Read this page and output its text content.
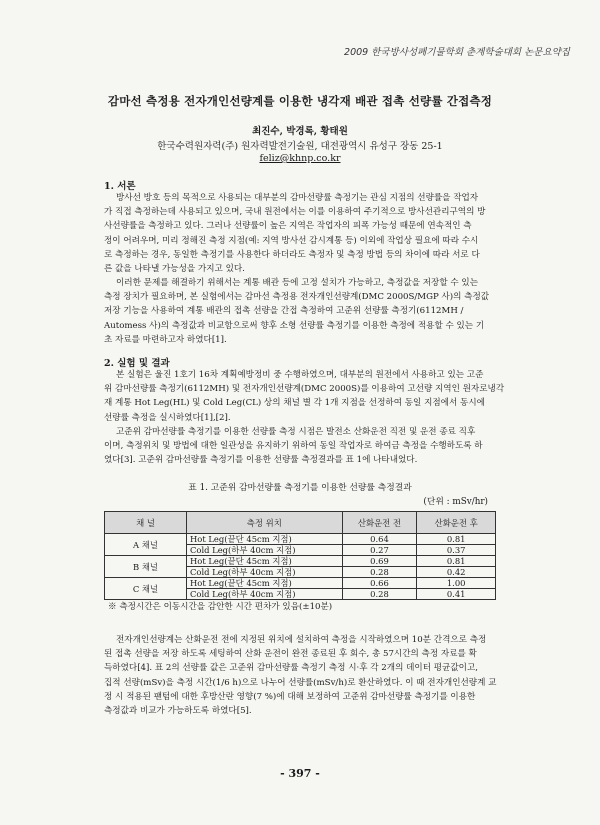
2009 한국방사성폐기물학회 춘계학술대회 논문요약집
감마선 측정용 전자개인선량계를 이용한 냉각재 배관 접촉 선량률 간접측정
최진수, 박경록, 황태원
한국수력원자력(주) 원자력발전기술원, 대전광역시 유성구 장동 25-1
feliz@khnp.co.kr
1. 서론

방사선 방호 등의 목적으로 사용되는 대부분의 감마선량률 측정기는 관심 지점의 선량률을 작업자
가 직접 측정하는데 사용되고 있으며, 국내 원전에서는 이를 이용하여 주기적으로 방사선관리구역의 방
사선량률을 측정하고 있다. 그러나 선량률이 높은 지역은 작업자의 피폭 가능성 때문에 연속적인 측
정이 어려우며, 미리 정해진 측정 지점(예: 지역 방사선 감시계통 등) 이외에 작업상 필요에 따라 수시
로 측정하는 경우, 동일한 측정기를 사용한다 하더라도 측정자 및 측정 방법 등의 차이에 따라 서로 다
른 값을 나타낼 가능성을 가지고 있다.

이러한 문제를 해결하기 위해서는 계통 배관 등에 고정 설치가 가능하고, 측정값을 저장할 수 있는
측정 장치가 필요하며, 본 실험에서는 감마선 측정용 전자개인선량계(DMC 2000S/MGP 사)의 측정값
저장 기능을 사용하여 계통 배관의 접촉 선량을 간접 측정하여 고준위 선량률 측정기(6112MH /
Automess 사)의 측정값과 비교함으로써 향후 소형 선량률 측정기를 이용한 측정에 적용할 수 있는 기
초 자료를 마련하고자 하였다[1].

2. 실험 및 결과

본 실험은 울진 1호기 16차 계획예방정비 중 수행하였으며, 대부분의 원전에서 사용하고 있는 고준
위 감마선량률 측정기(6112MH) 및 전자개인선량계(DMC 2000S)를 이용하여 고선량 지역인 원자로냉각
재 계통 Hot Leg(HL) 및 Cold Leg(CL) 상의 채널 별 각 1개 지점을 선정하여 동일 지점에서 동시에
선량률 측정을 실시하였다[1],[2].

고준위 감마선량률 측정기를 이용한 선량률 측정 시점은 발전소 산화운전 직전 및 운전 종료 직후
이며, 측정위치 및 방법에 대한 일관성을 유지하기 위하여 동일 작업자로 하여금 측정을 수행하도록 하
였다[3]. 고준위 감마선량률 측정기를 이용한 선량률 측정결과를 표 1에 나타내었다.

표 1. 고준위 감마선량률 측정기를 이용한 선량률 측정결과
(단위 : mSv/hr)
채 널	측정 위치	산화운전 전	산화운전 후
A 채널	Hot Leg(끝단 45cm 지점)	0.64	0.81
	Cold Leg(하부 40cm 지점)	0.27	0.37
B 채널	Hot Leg(끝단 45cm 지점)	0.69	0.81
	Cold Leg(하부 40cm 지점)	0.28	0.42
C 채널	Hot Leg(끝단 45cm 지점)	0.66	1.00
	Cold Leg(하부 40cm 지점)	0.28	0.41
※ 측정시간은 이동시간을 감안한 시간 편차가 있음(±10분)

전자개인선량계는 산화운전 전에 지정된 위치에 설치하여 측정을 시작하였으며 10분 간격으로 측정
된 접촉 선량을 저장 하도록 세팅하여 산화 운전이 완전 종료된 후 회수, 총 57시간의 측정 자료를 확
득하였다[4]. 표 2의 선량률 값은 고준위 감마선량률 측정기 측정 시·후 각 2개의 데이터 평균값이고,
집적 선량(mSv)을 측정 시간(1/6 h)으로 나누어 선량률(mSv/h)로 환산하였다. 이 때 전자개인선량계 교
정 시 적용된 팬텀에 대한 후방산란 영향(7 %)에 대해 보정하여 고준위 감마선량률 측정기를 이용한
측정값과 비교가 가능하도록 하였다[5].

- 397 -
